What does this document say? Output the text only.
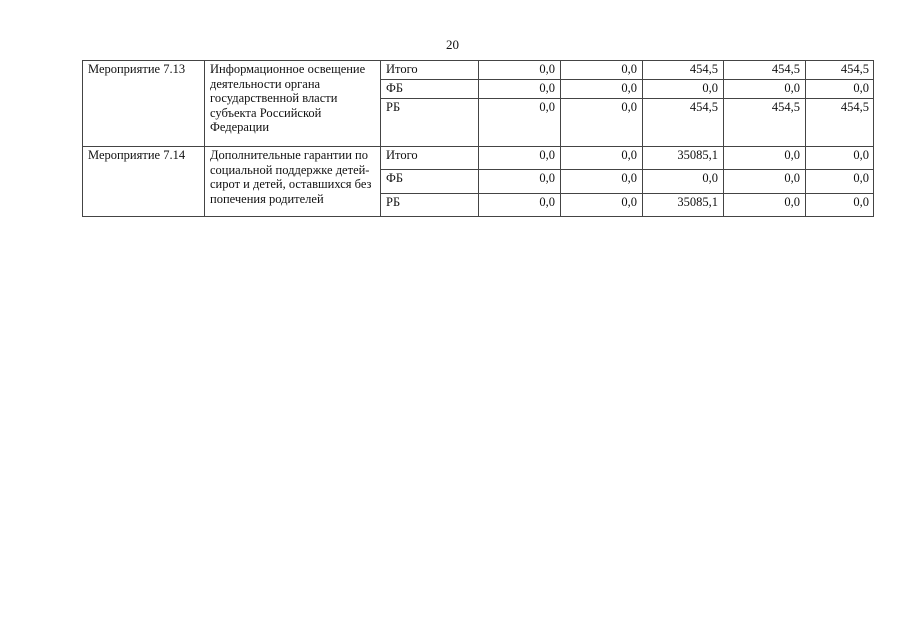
20
Мероприятие 7.13	Информационное освещение деятельности органа государственной власти субъекта Российской Федерации	Итого	0,0	0,0	454,5	454,5	454,5
		ФБ	0,0	0,0	0,0	0,0	0,0
		РБ	0,0	0,0	454,5	454,5	454,5
Мероприятие 7.14	Дополнительные гарантии по социальной поддержке детей-сирот и детей, оставшихся без попечения родителей	Итого	0,0	0,0	35085,1	0,0	0,0
		ФБ	0,0	0,0	0,0	0,0	0,0
		РБ	0,0	0,0	35085,1	0,0	0,0
